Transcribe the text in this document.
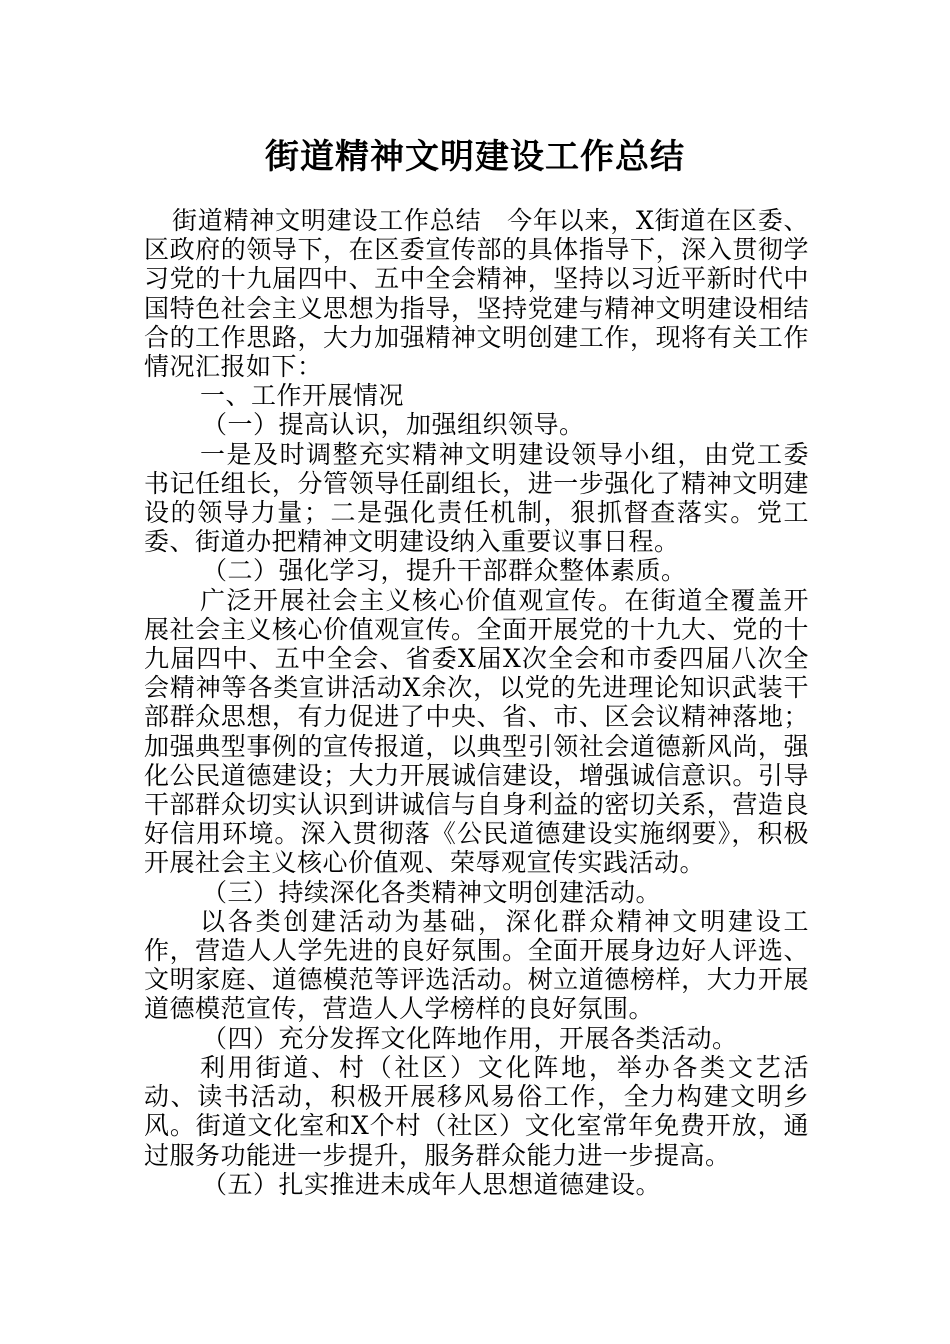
街道精神文明建设工作总结

街道精神文明建设工作总结　今年以来，X街道在区委、区政府的领导下，在区委宣传部的具体指导下，深入贯彻学习党的十九届四中、五中全会精神，坚持以习近平新时代中国特色社会主义思想为指导，坚持党建与精神文明建设相结合的工作思路，大力加强精神文明创建工作，现将有关工作情况汇报如下：

一、工作开展情况

（一）提高认识，加强组织领导。

一是及时调整充实精神文明建设领导小组，由党工委书记任组长，分管领导任副组长，进一步强化了精神文明建设的领导力量；二是强化责任机制，狠抓督查落实。党工委、街道办把精神文明建设纳入重要议事日程。

（二）强化学习，提升干部群众整体素质。

广泛开展社会主义核心价值观宣传。在街道全覆盖开展社会主义核心价值观宣传。全面开展党的十九大、党的十九届四中、五中全会、省委X届X次全会和市委四届八次全会精神等各类宣讲活动X余次，以党的先进理论知识武装干部群众思想，有力促进了中央、省、市、区会议精神落地；加强典型事例的宣传报道，以典型引领社会道德新风尚，强化公民道德建设；大力开展诚信建设，增强诚信意识。引导干部群众切实认识到讲诚信与自身利益的密切关系，营造良好信用环境。深入贯彻落《公民道德建设实施纲要》，积极开展社会主义核心价值观、荣辱观宣传实践活动。

（三）持续深化各类精神文明创建活动。

以各类创建活动为基础，深化群众精神文明建设工作，营造人人学先进的良好氛围。全面开展身边好人评选、文明家庭、道德模范等评选活动。树立道德榜样，大力开展道德模范宣传，营造人人学榜样的良好氛围。

（四）充分发挥文化阵地作用，开展各类活动。

利用街道、村（社区）文化阵地，举办各类文艺活动、读书活动，积极开展移风易俗工作，全力构建文明乡风。街道文化室和X个村（社区）文化室常年免费开放，通过服务功能进一步提升，服务群众能力进一步提高。

（五）扎实推进未成年人思想道德建设。
